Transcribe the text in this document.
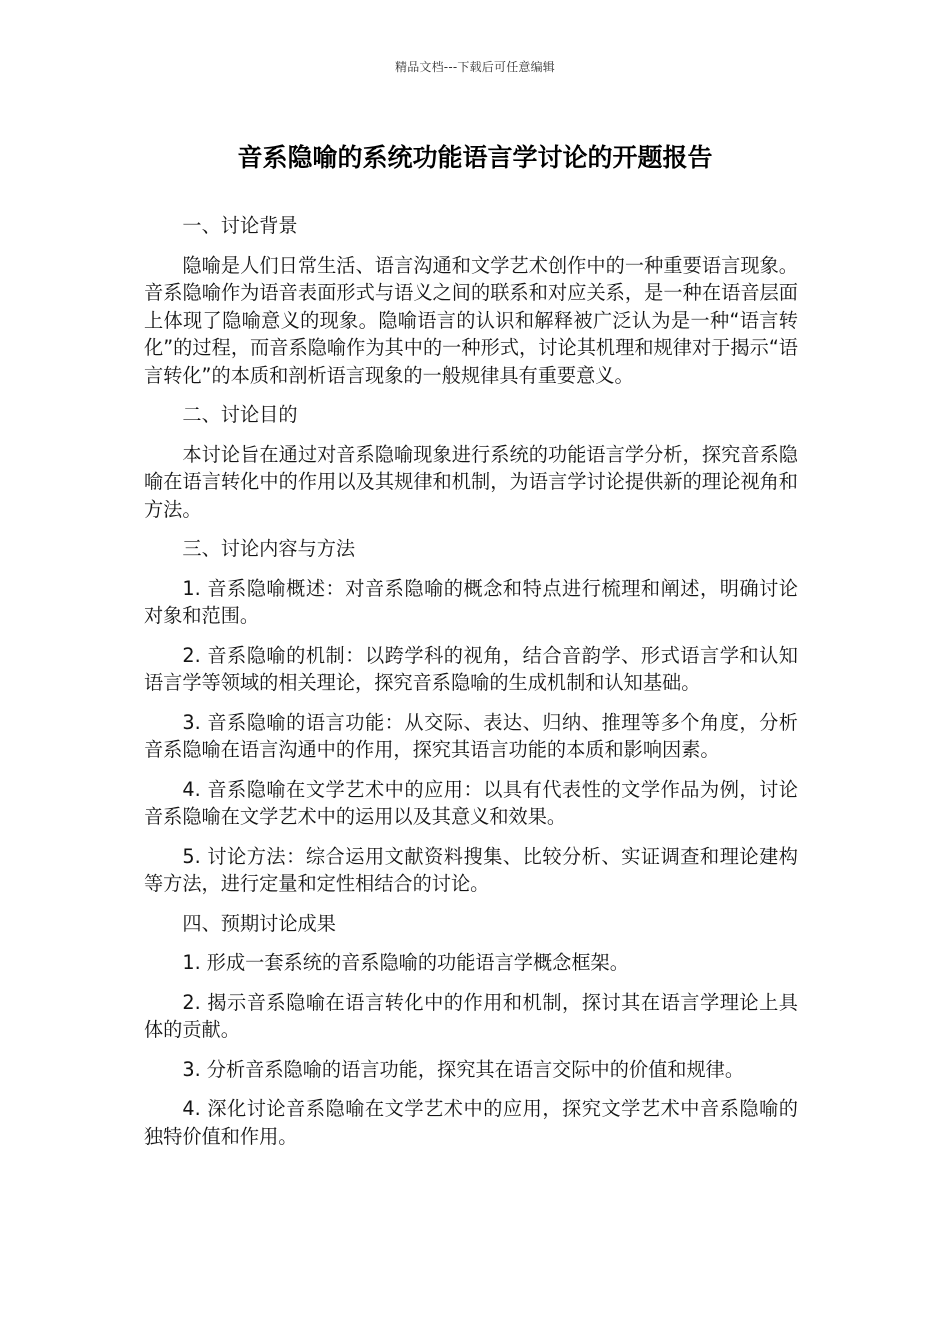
精品文档---下载后可任意编辑
音系隐喻的系统功能语言学讨论的开题报告

一、讨论背景

隐喻是人们日常生活、语言沟通和文学艺术创作中的一种重要语言现象。音系隐喻作为语音表面形式与语义之间的联系和对应关系，是一种在语音层面上体现了隐喻意义的现象。隐喻语言的认识和解释被广泛认为是一种“语言转化”的过程，而音系隐喻作为其中的一种形式，讨论其机理和规律对于揭示“语言转化”的本质和剖析语言现象的一般规律具有重要意义。

二、讨论目的

本讨论旨在通过对音系隐喻现象进行系统的功能语言学分析，探究音系隐喻在语言转化中的作用以及其规律和机制，为语言学讨论提供新的理论视角和方法。

三、讨论内容与方法

1. 音系隐喻概述：对音系隐喻的概念和特点进行梳理和阐述，明确讨论对象和范围。

2. 音系隐喻的机制：以跨学科的视角，结合音韵学、形式语言学和认知语言学等领域的相关理论，探究音系隐喻的生成机制和认知基础。

3. 音系隐喻的语言功能：从交际、表达、归纳、推理等多个角度，分析音系隐喻在语言沟通中的作用，探究其语言功能的本质和影响因素。

4. 音系隐喻在文学艺术中的应用：以具有代表性的文学作品为例，讨论音系隐喻在文学艺术中的运用以及其意义和效果。

5. 讨论方法：综合运用文献资料搜集、比较分析、实证调查和理论建构等方法，进行定量和定性相结合的讨论。

四、预期讨论成果

1. 形成一套系统的音系隐喻的功能语言学概念框架。

2. 揭示音系隐喻在语言转化中的作用和机制，探讨其在语言学理论上具体的贡献。

3. 分析音系隐喻的语言功能，探究其在语言交际中的价值和规律。

4. 深化讨论音系隐喻在文学艺术中的应用，探究文学艺术中音系隐喻的独特价值和作用。
